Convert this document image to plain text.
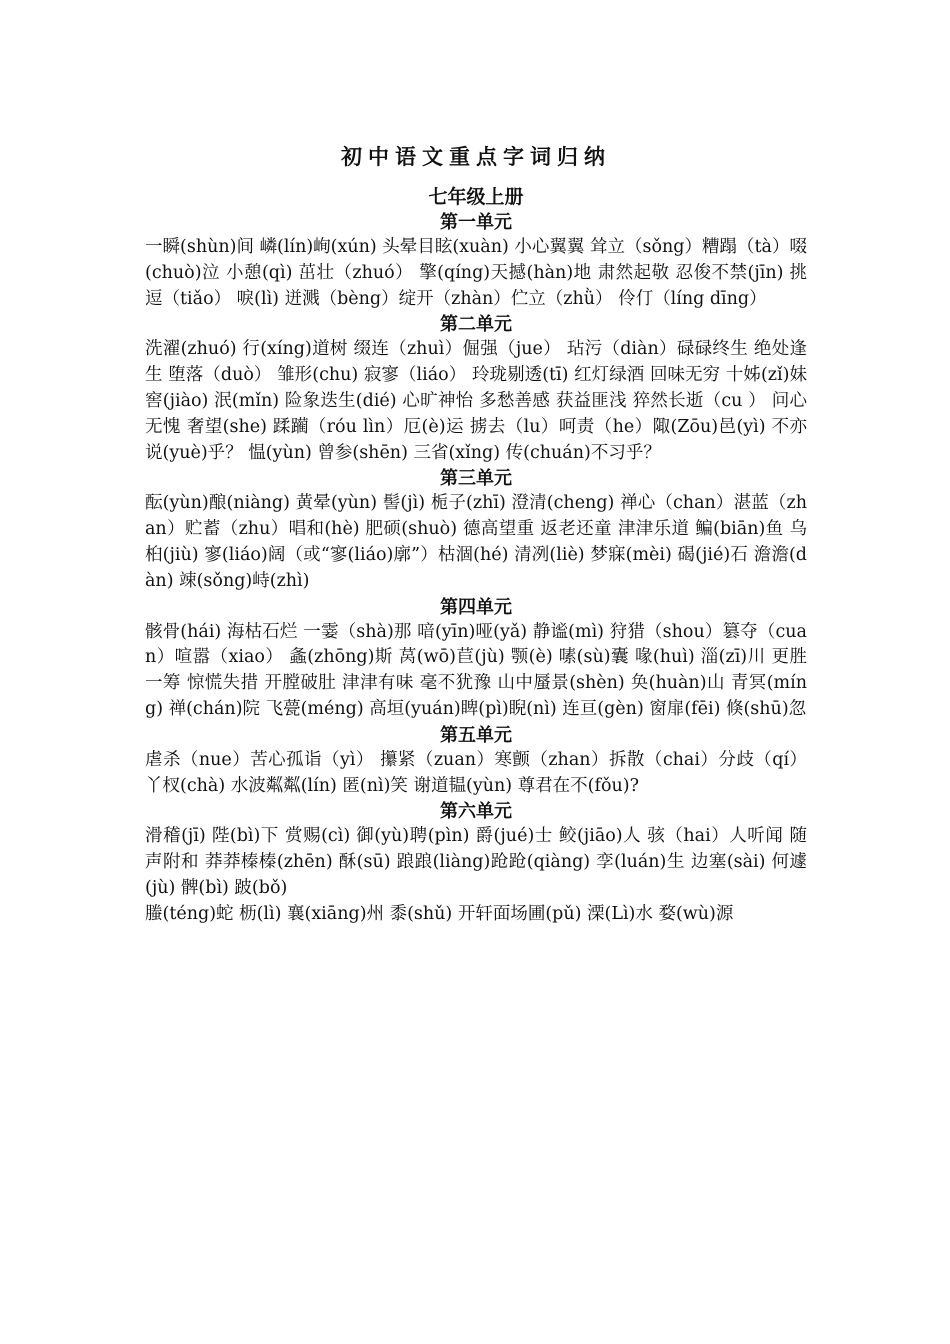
初中语文重点字词归纳
七年级上册
第一单元

一瞬(shùn)间 嶙(lín)峋(xún) 头晕目眩(xuàn) 小心翼翼 耸立（sǒng）糟蹋（tà）啜(chuò)泣 小憩(qì) 茁壮（zhuó） 擎(qíng)天撼(hàn)地 肃然起敬 忍俊不禁(jīn) 挑逗（tiǎo） 唳(lì) 迸溅（bèng）绽开（zhàn）伫立（zhǜ） 伶仃（líng dīng）

第二单元

洗濯(zhuó) 行(xíng)道树 缀连（zhuì）倔强（jue） 玷污（diàn）碌碌终生 绝处逢生 堕落（duò） 雏形(chu) 寂寥（liáo） 玲珑剔透(tī) 红灯绿酒 回味无穷 十姊(zǐ)妹 窖(jiào) 泯(mǐn) 险象迭生(dié) 心旷神怡 多愁善感 获益匪浅 猝然长逝（cu ） 问心无愧 奢望(she) 蹂躏（róu lìn）厄(è)运 掳去（lu）呵责（he）陬(Zōu)邑(yì) 不亦说(yuè)乎？ 愠(yùn) 曾参(shēn) 三省(xǐng) 传(chuán)不习乎？

第三单元

酝(yùn)酿(niàng) 黄晕(yùn) 髻(jì) 栀子(zhī) 澄清(cheng) 禅心（chan）湛蓝（zhan）贮蓄（zhu）唱和(hè) 肥硕(shuò) 德高望重 返老还童 津津乐道 鳊(biān)鱼 乌桕(jiù) 寥(liáo)阔（或“寥(liáo)廓”）枯涸(hé) 清冽(liè) 梦寐(mèi) 碣(jié)石 澹澹(dàn) 竦(sǒng)峙(zhì)

第四单元

骸骨(hái) 海枯石烂 一霎（shà)那 喑(yīn)哑(yǎ) 静谧(mì) 狩猎（shou）篡夺（cuan）喧嚣（xiao） 螽(zhōng)斯 莴(wō)苣(jù) 颚(è) 嗉(sù)囊 喙(huì) 淄(zī)川 更胜一筹 惊慌失措 开膛破肚 津津有味 毫不犹豫 山中蜃景(shèn) 奂(huàn)山 青冥(míng) 禅(chán)院 飞甍(méng) 高垣(yuán)睥(pì)睨(nì) 连亘(gèn) 窗扉(fēi) 倏(shū)忽

第五单元

虐杀（nue）苦心孤诣（yì） 攥紧（zuan）寒颤（zhan）拆散（chai）分歧（qí）丫杈(chà) 水波粼粼(lín) 匿(nì)笑 谢道韫(yùn) 尊君在不(fǒu)?

第六单元

滑稽(jī) 陛(bì)下 赏赐(cì) 御(yù)聘(pìn) 爵(jué)士 鲛(jiāo)人 骇（hai）人听闻 随声附和 莽莽榛榛(zhēn) 酥(sū) 踉踉(liàng)跄跄(qiàng) 孪(luán)生 边塞(sài) 何遽(jù) 髀(bì) 跛(bǒ)

螣(téng)蛇 枥(lì) 襄(xiāng)州 黍(shǔ) 开轩面场圃(pǔ) 溧(Lì)水 婺(wù)源
